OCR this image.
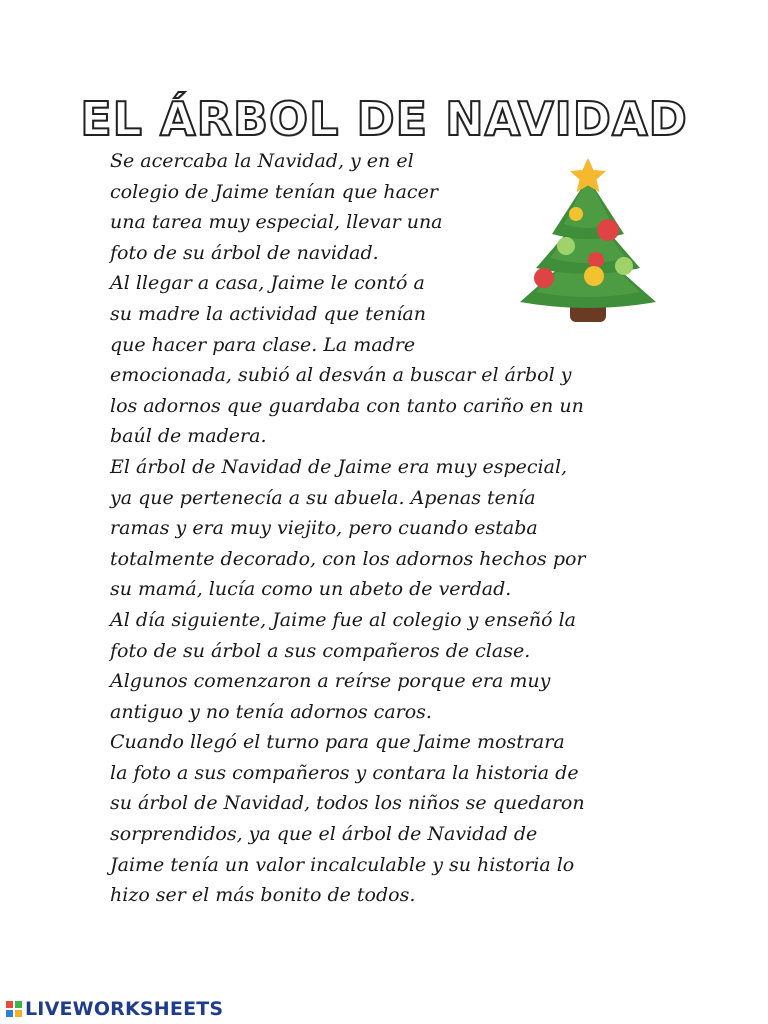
EL ÁRBOL DE NAVIDAD
Se acercaba la Navidad, y en el
colegio de Jaime tenían que hacer
una tarea muy especial, llevar una
foto de su árbol de navidad.
Al llegar a casa, Jaime le contó a
su madre la actividad que tenían
que hacer para clase. La madre
emocionada, subió al desván a buscar el árbol y
los adornos que guardaba con tanto cariño en un
baúl de madera.
El árbol de Navidad de Jaime era muy especial,
ya que pertenecía a su abuela. Apenas tenía
ramas y era muy viejito, pero cuando estaba
totalmente decorado, con los adornos hechos por
su mamá, lucía como un abeto de verdad.
Al día siguiente, Jaime fue al colegio y enseñó la
foto de su árbol a sus compañeros de clase.
Algunos comenzaron a reírse porque era muy
antiguo y no tenía adornos caros.
Cuando llegó el turno para que Jaime mostrara
la foto a sus compañeros y contara la historia de
su árbol de Navidad, todos los niños se quedaron
sorprendidos, ya que el árbol de Navidad de
Jaime tenía un valor incalculable y su historia lo
hizo ser el más bonito de todos.
LIVEWORKSHEETS
